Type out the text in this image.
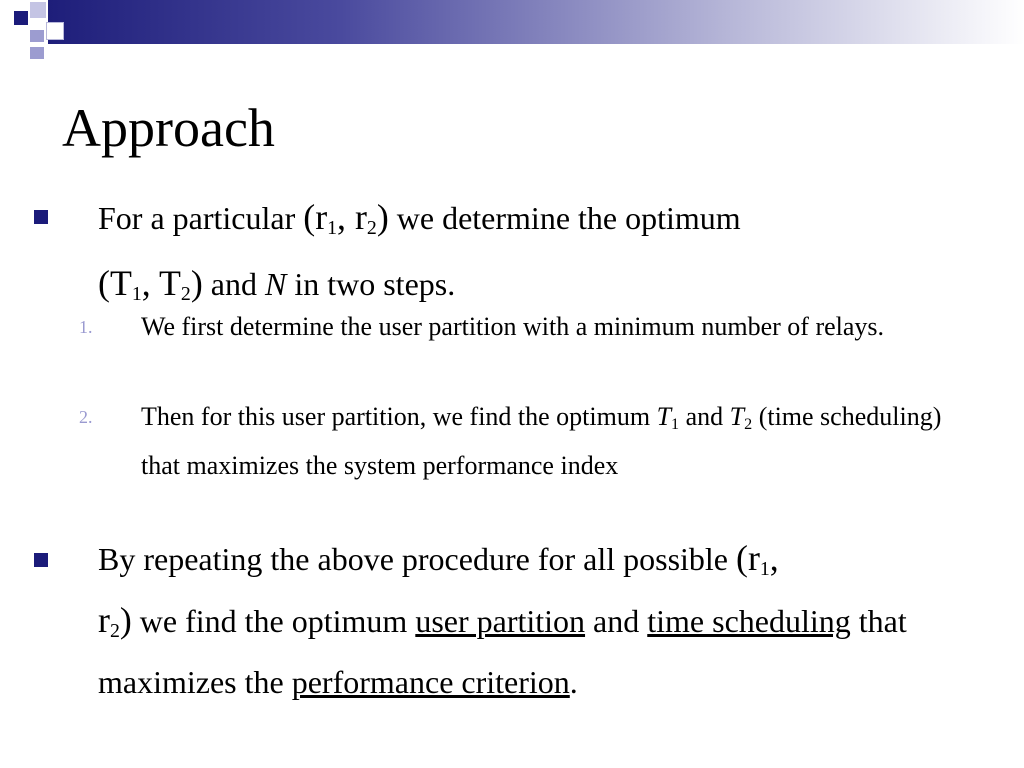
Approach
For a particular ($r_1$, $r_2$) we determine the optimum
($T_1$, $T_2$) and N in two steps.
1. We first determine the user partition with a minimum number of relays.
2. Then for this user partition, we find the optimum $T_1$ and $T_2$ (time scheduling) that maximizes the system performance index
By repeating the above procedure for all possible ($r_1$,
$r_2$) we find the optimum user partition and time scheduling that maximizes the performance criterion.
